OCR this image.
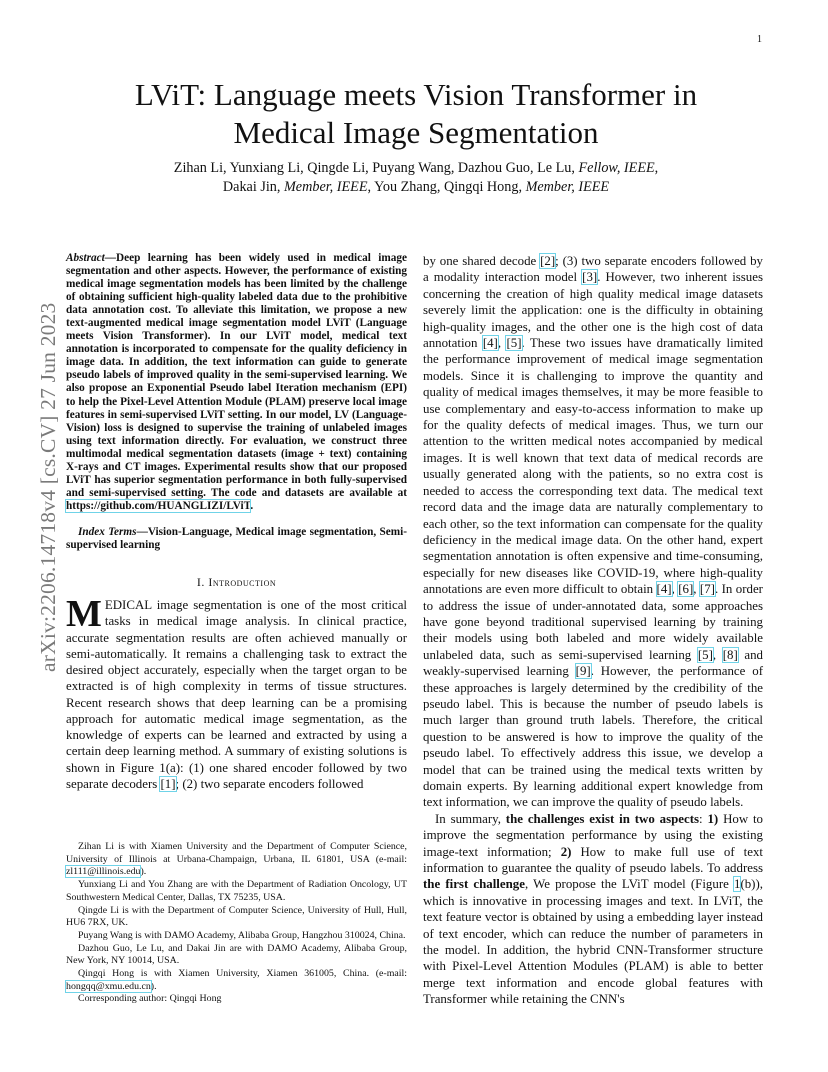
1
arXiv:2206.14718v4 [cs.CV] 27 Jun 2023
LViT: Language meets Vision Transformer in
Medical Image Segmentation
Zihan Li, Yunxiang Li, Qingde Li, Puyang Wang, Dazhou Guo, Le Lu, Fellow, IEEE,
Dakai Jin, Member, IEEE, You Zhang, Qingqi Hong, Member, IEEE

Abstract—Deep learning has been widely used in medical image segmentation and other aspects. However, the performance of existing medical image segmentation models has been limited by the challenge of obtaining sufficient high-quality labeled data due to the prohibitive data annotation cost. To alleviate this limitation, we propose a new text-augmented medical image segmentation model LViT (Language meets Vision Transformer). In our LViT model, medical text annotation is incorporated to compensate for the quality deficiency in image data. In addition, the text information can guide to generate pseudo labels of improved quality in the semi-supervised learning. We also propose an Exponential Pseudo label Iteration mechanism (EPI) to help the Pixel-Level Attention Module (PLAM) preserve local image features in semi-supervised LViT setting. In our model, LV (Language-Vision) loss is designed to supervise the training of unlabeled images using text information directly. For evaluation, we construct three multimodal medical segmentation datasets (image + text) containing X-rays and CT images. Experimental results show that our proposed LViT has superior segmentation performance in both fully-supervised and semi-supervised setting. The code and datasets are available at https://github.com/HUANGLIZI/LViT.

Index Terms—Vision-Language, Medical image segmentation, Semi-supervised learning

I. Introduction

MEDICAL image segmentation is one of the most critical tasks in medical image analysis. In clinical practice, accurate segmentation results are often achieved manually or semi-automatically. It remains a challenging task to extract the desired object accurately, especially when the target organ to be extracted is of high complexity in terms of tissue structures. Recent research shows that deep learning can be a promising approach for automatic medical image segmentation, as the knowledge of experts can be learned and extracted by using a certain deep learning method. A summary of existing solutions is shown in Figure 1(a): (1) one shared encoder followed by two separate decoders [1]; (2) two separate encoders followed

Zihan Li is with Xiamen University and the Department of Computer Science, University of Illinois at Urbana-Champaign, Urbana, IL 61801, USA (e-mail: zl111@illinois.edu).

Yunxiang Li and You Zhang are with the Department of Radiation Oncology, UT Southwestern Medical Center, Dallas, TX 75235, USA.

Qingde Li is with the Department of Computer Science, University of Hull, Hull, HU6 7RX, UK.

Puyang Wang is with DAMO Academy, Alibaba Group, Hangzhou 310024, China.

Dazhou Guo, Le Lu, and Dakai Jin are with DAMO Academy, Alibaba Group, New York, NY 10014, USA.

Qingqi Hong is with Xiamen University, Xiamen 361005, China. (e-mail: hongqq@xmu.edu.cn).

Corresponding author: Qingqi Hong

by one shared decode [2]; (3) two separate encoders followed by a modality interaction model [3]. However, two inherent issues concerning the creation of high quality medical image datasets severely limit the application: one is the difficulty in obtaining high-quality images, and the other one is the high cost of data annotation [4], [5]. These two issues have dramatically limited the performance improvement of medical image segmentation models. Since it is challenging to improve the quantity and quality of medical images themselves, it may be more feasible to use complementary and easy-to-access information to make up for the quality defects of medical images. Thus, we turn our attention to the written medical notes accompanied by medical images. It is well known that text data of medical records are usually generated along with the patients, so no extra cost is needed to access the corresponding text data. The medical text record data and the image data are naturally complementary to each other, so the text information can compensate for the quality deficiency in the medical image data. On the other hand, expert segmentation annotation is often expensive and time-consuming, especially for new diseases like COVID-19, where high-quality annotations are even more difficult to obtain [4], [6], [7]. In order to address the issue of under-annotated data, some approaches have gone beyond traditional supervised learning by training their models using both labeled and more widely available unlabeled data, such as semi-supervised learning [5], [8] and weakly-supervised learning [9]. However, the performance of these approaches is largely determined by the credibility of the pseudo label. This is because the number of pseudo labels is much larger than ground truth labels. Therefore, the critical question to be answered is how to improve the quality of the pseudo label. To effectively address this issue, we develop a model that can be trained using the medical texts written by domain experts. By learning additional expert knowledge from text information, we can improve the quality of pseudo labels.

In summary, the challenges exist in two aspects: 1) How to improve the segmentation performance by using the existing image-text information; 2) How to make full use of text information to guarantee the quality of pseudo labels. To address the first challenge, We propose the LViT model (Figure 1(b)), which is innovative in processing images and text. In LViT, the text feature vector is obtained by using a embedding layer instead of text encoder, which can reduce the number of parameters in the model. In addition, the hybrid CNN-Transformer structure with Pixel-Level Attention Modules (PLAM) is able to better merge text information and encode global features with Transformer while retaining the CNN's
